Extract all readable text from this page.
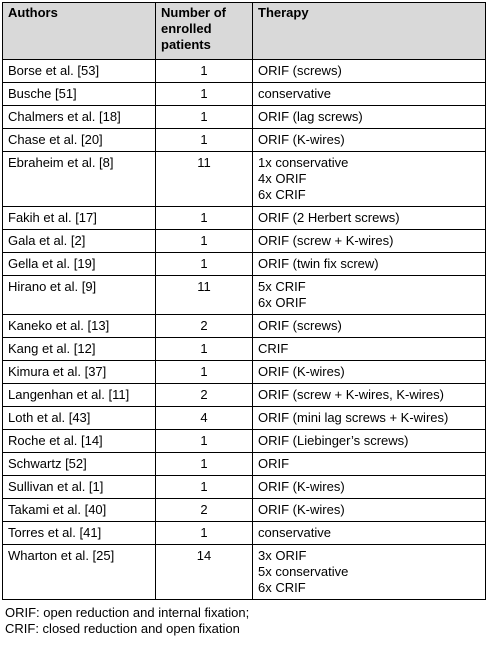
Authors	Number of enrolled patients	Therapy
Borse et al. [53]	1	ORIF (screws)

Busche [51]	1	conservative

Chalmers et al. [18]	1	ORIF (lag screws)

Chase et al. [20]	1	ORIF (K-wires)

Ebraheim et al. [8]	11	1x conservative
4x ORIF
6x CRIF

Fakih et al. [17]	1	ORIF (2 Herbert screws)

Gala et al. [2]	1	ORIF (screw + K-wires)

Gella et al. [19]	1	ORIF (twin fix screw)

Hirano et al. [9]	11	5x CRIF
6x ORIF

Kaneko et al. [13]	2	ORIF (screws)

Kang et al. [12]	1	CRIF

Kimura et al. [37]	1	ORIF (K-wires)

Langenhan et al. [11]	2	ORIF (screw + K-wires, K-wires)

Loth et al. [43]	4	ORIF (mini lag screws + K-wires)

Roche et al. [14]	1	ORIF (Liebinger’s screws)

Schwartz [52]	1	ORIF

Sullivan et al. [1]	1	ORIF (K-wires)

Takami et al. [40]	2	ORIF (K-wires)

Torres et al. [41]	1	conservative

Wharton et al. [25]	14	3x ORIF
5x conservative
6x CRIF
ORIF: open reduction and internal fixation;
CRIF: closed reduction and open fixation
